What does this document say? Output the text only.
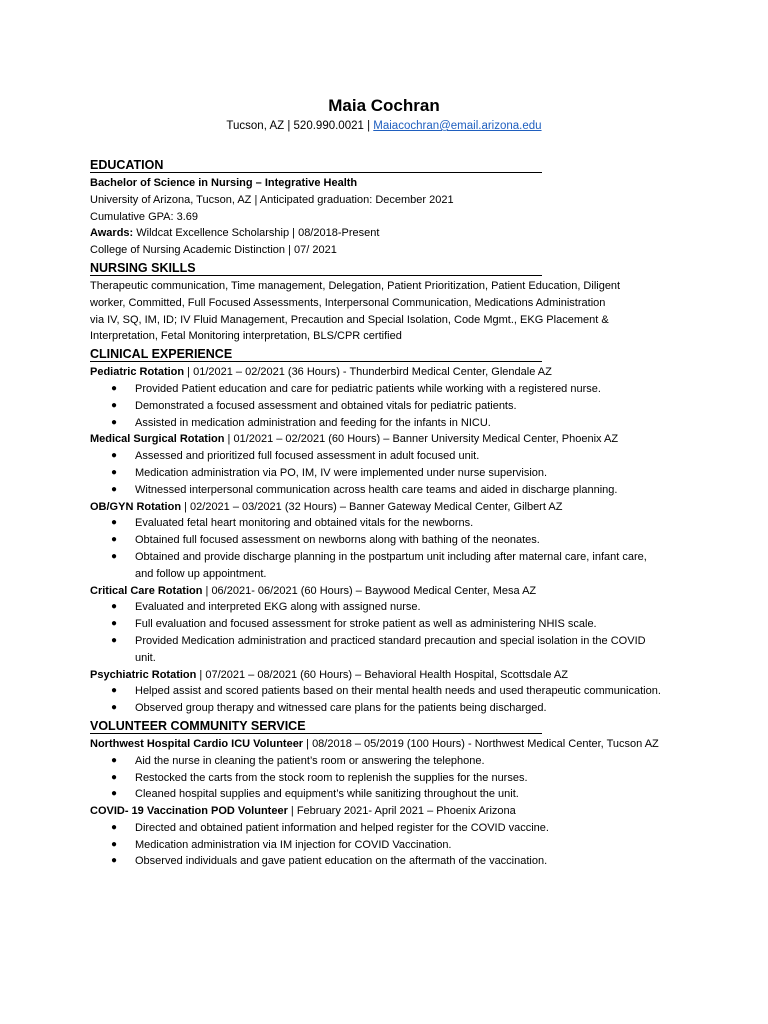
Maia Cochran
Tucson, AZ | 520.990.0021 | Maiacochran@email.arizona.edu
EDUCATION
Bachelor of Science in Nursing – Integrative Health
University of Arizona, Tucson, AZ | Anticipated graduation: December 2021
Cumulative GPA: 3.69
Awards: Wildcat Excellence Scholarship | 08/2018-Present
College of Nursing Academic Distinction | 07/ 2021
NURSING SKILLS
Therapeutic communication, Time management, Delegation, Patient Prioritization, Patient Education, Diligent
worker, Committed, Full Focused Assessments, Interpersonal Communication, Medications Administration
via IV, SQ, IM, ID; IV Fluid Management, Precaution and Special Isolation, Code Mgmt., EKG Placement &
Interpretation, Fetal Monitoring interpretation, BLS/CPR certified
CLINICAL EXPERIENCE
Pediatric Rotation | 01/2021 – 02/2021 (36 Hours) - Thunderbird Medical Center, Glendale AZ
● Provided Patient education and care for pediatric patients while working with a registered nurse.
● Demonstrated a focused assessment and obtained vitals for pediatric patients.
● Assisted in medication administration and feeding for the infants in NICU.
Medical Surgical Rotation | 01/2021 – 02/2021 (60 Hours) – Banner University Medical Center, Phoenix AZ
● Assessed and prioritized full focused assessment in adult focused unit.
● Medication administration via PO, IM, IV were implemented under nurse supervision.
● Witnessed interpersonal communication across health care teams and aided in discharge planning.
OB/GYN Rotation | 02/2021 – 03/2021 (32 Hours) – Banner Gateway Medical Center, Gilbert AZ
● Evaluated fetal heart monitoring and obtained vitals for the newborns.
● Obtained full focused assessment on newborns along with bathing of the neonates.
● Obtained and provide discharge planning in the postpartum unit including after maternal care, infant care, and follow up appointment.
Critical Care Rotation | 06/2021- 06/2021 (60 Hours) – Baywood Medical Center, Mesa AZ
● Evaluated and interpreted EKG along with assigned nurse.
● Full evaluation and focused assessment for stroke patient as well as administering NHIS scale.
● Provided Medication administration and practiced standard precaution and special isolation in the COVID unit.
Psychiatric Rotation | 07/2021 – 08/2021 (60 Hours) – Behavioral Health Hospital, Scottsdale AZ
● Helped assist and scored patients based on their mental health needs and used therapeutic communication.
● Observed group therapy and witnessed care plans for the patients being discharged.
VOLUNTEER COMMUNITY SERVICE
Northwest Hospital Cardio ICU Volunteer | 08/2018 – 05/2019 (100 Hours) - Northwest Medical Center, Tucson AZ
● Aid the nurse in cleaning the patient’s room or answering the telephone.
● Restocked the carts from the stock room to replenish the supplies for the nurses.
● Cleaned hospital supplies and equipment’s while sanitizing throughout the unit.
COVID- 19 Vaccination POD Volunteer | February 2021- April 2021 – Phoenix Arizona
● Directed and obtained patient information and helped register for the COVID vaccine.
● Medication administration via IM injection for COVID Vaccination.
● Observed individuals and gave patient education on the aftermath of the vaccination.
